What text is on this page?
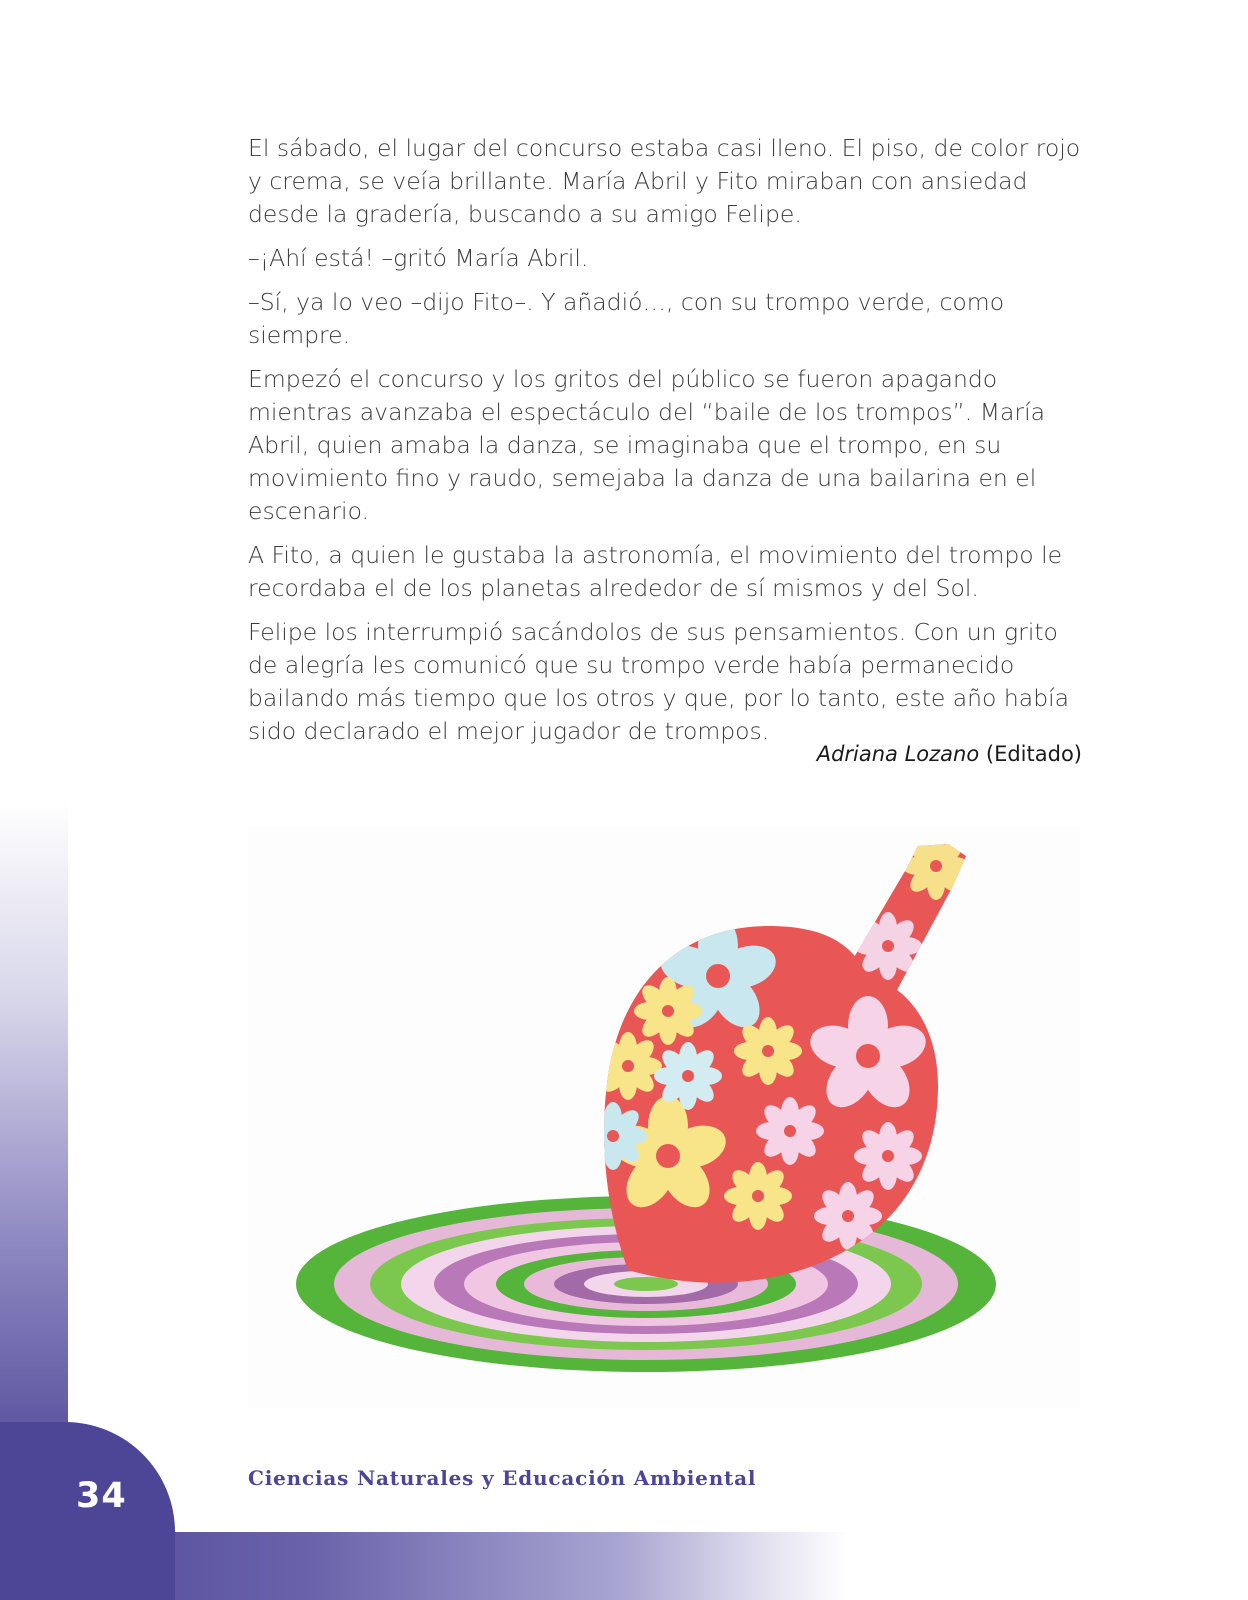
El sábado, el lugar del concurso estaba casi lleno. El piso, de color rojo y crema, se veía brillante. María Abril y Fito miraban con ansiedad desde la gradería, buscando a su amigo Felipe.

–¡Ahí está! –gritó María Abril.

–Sí, ya lo veo –dijo Fito–. Y añadió…, con su trompo verde, como siempre.

Empezó el concurso y los gritos del público se fueron apagando mientras avanzaba el espectáculo del “baile de los trompos”. María Abril, quien amaba la danza, se imaginaba que el trompo, en su movimiento fino y raudo, semejaba la danza de una bailarina en el escenario.

A Fito, a quien le gustaba la astronomía, el movimiento del trompo le recordaba el de los planetas alrededor de sí mismos y del Sol.

Felipe los interrumpió sacándolos de sus pensamientos. Con un grito de alegría les comunicó que su trompo verde había permanecido bailando más tiempo que los otros y que, por lo tanto, este año había sido declarado el mejor jugador de trompos.

Adriana Lozano (Editado)
34	Ciencias Naturales y Educación Ambiental
